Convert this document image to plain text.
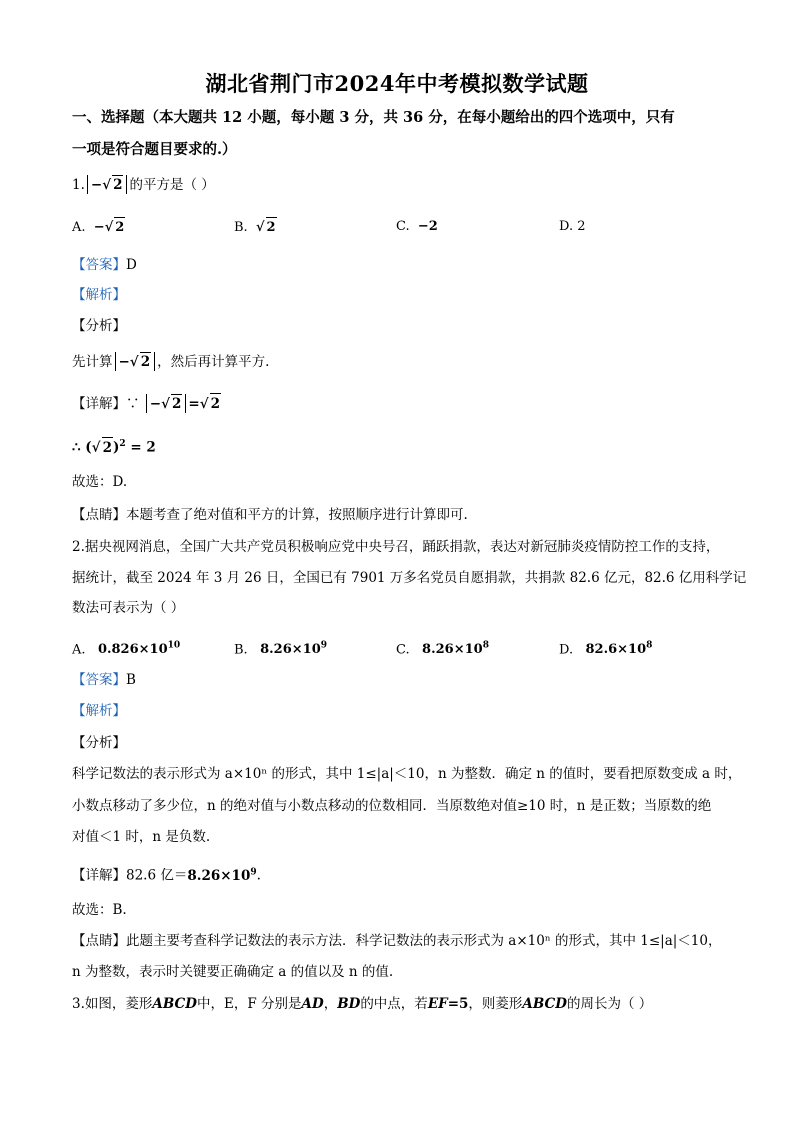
湖北省荆门市2024年中考模拟数学试题
一、选择题（本大题共 12 小题，每小题 3 分，共 36 分，在每小题给出的四个选项中，只有
一项是符合题目要求的.）
1. −√ 2 的平方是（ ）
A. −√ 2	B. √ 2	C. −2	D. 2
【答案】D
【解析】
【分析】
先计算 −√ 2 ，然后再计算平方.
【详解】∵ −√ 2 =√ 2
∴ (√ 2)$^2$ = 2
故选：D.
【点睛】本题考查了绝对值和平方的计算，按照顺序进行计算即可.
2.据央视网消息，全国广大共产党员积极响应党中央号召，踊跃捐款，表达对新冠肺炎疫情防控工作的支持，
据统计，截至 2024 年 3 月 26 日，全国已有 7901 万多名党员自愿捐款，共捐款 82.6 亿元，82.6 亿用科学记
数法可表示为（ ）
A. $0.826\times 10^{10}$	B. $8.26\times 10^9$	C. $8.26\times 10^8$	D. $82.6\times 10^8$
【答案】B
【解析】
【分析】
科学记数法的表示形式为 a×10ⁿ 的形式，其中 1≤|a|＜10，n 为整数．确定 n 的值时，要看把原数变成 a 时，
小数点移动了多少位，n 的绝对值与小数点移动的位数相同．当原数绝对值≥10 时，n 是正数；当原数的绝
对值＜1 时，n 是负数.
【详解】82.6 亿$=8.26\times 10^9$.
故选：B.
【点睛】此题主要考查科学记数法的表示方法．科学记数法的表示形式为 a×10ⁿ 的形式，其中 1≤|a|＜10，
n 为整数，表示时关键要正确确定 a 的值以及 n 的值.
3.如图，菱形ABCD中，E，F 分别是AD，BD的中点，若EF=5，则菱形ABCD的周长为（ ）
